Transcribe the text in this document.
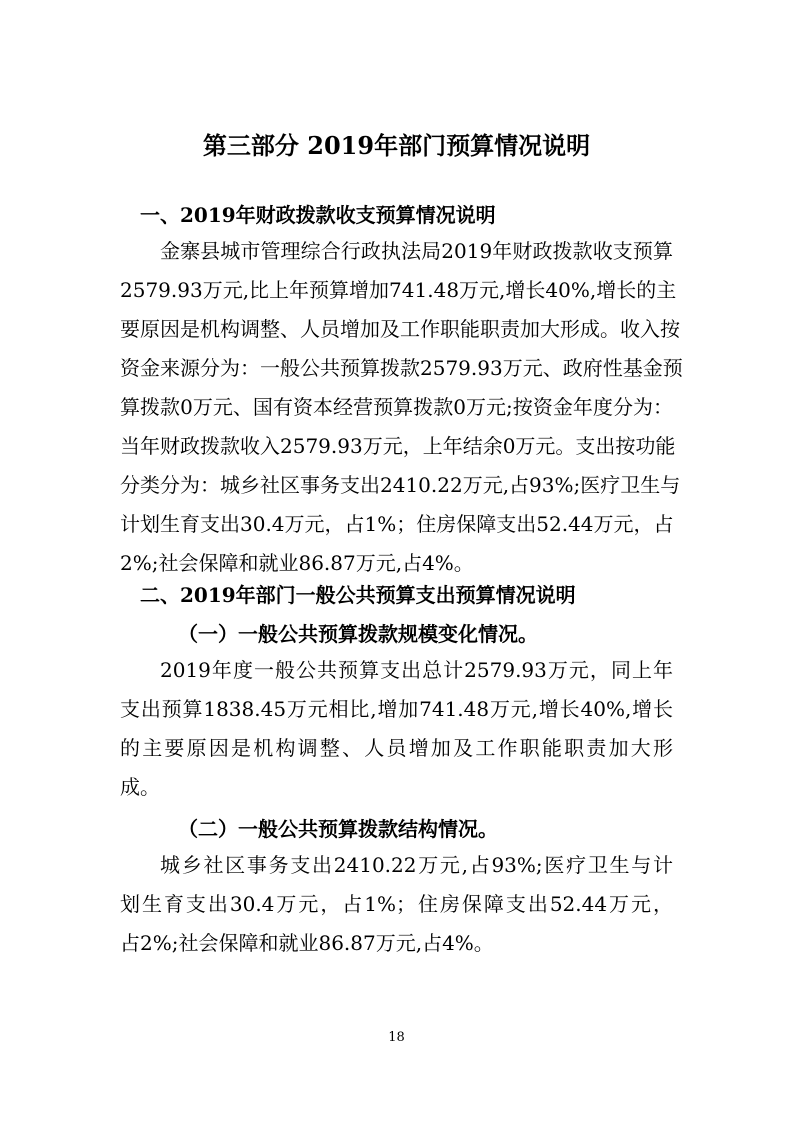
第三部分 2019年部门预算情况说明
一、2019年财政拨款收支预算情况说明
金寨县城市管理综合行政执法局2019年财政拨款收支预算
2579.93万元,比上年预算增加741.48万元,增长40%,增长的主
要原因是机构调整、人员增加及工作职能职责加大形成。收入按
资金来源分为：一般公共预算拨款2579.93万元、政府性基金预
算拨款0万元、国有资本经营预算拨款0万元;按资金年度分为：
当年财政拨款收入2579.93万元，上年结余0万元。支出按功能
分类分为：城乡社区事务支出2410.22万元,占93%;医疗卫生与
计划生育支出30.4万元，占1%；住房保障支出52.44万元，占
2%;社会保障和就业86.87万元,占4%。
二、2019年部门一般公共预算支出预算情况说明
（一）一般公共预算拨款规模变化情况。
2019年度一般公共预算支出总计2579.93万元，同上年
支出预算1838.45万元相比,增加741.48万元,增长40%,增长
的主要原因是机构调整、人员增加及工作职能职责加大形
成。
（二）一般公共预算拨款结构情况。
城乡社区事务支出2410.22万元,占93%;医疗卫生与计
划生育支出30.4万元，占1%；住房保障支出52.44万元，
占2%;社会保障和就业86.87万元,占4%。
18
